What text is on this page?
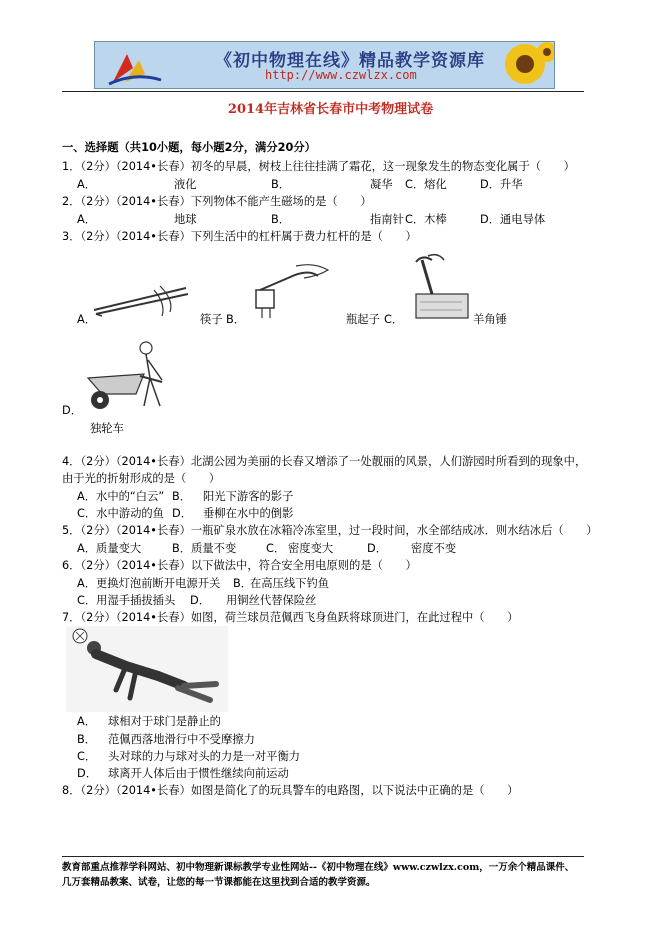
《初中物理在线》精品教学资源库
http://www.czwlzx.com
2014年吉林省长春市中考物理试卷
一、选择题（共10小题，每小题2分，满分20分）
1．（2分）（2014•长春）初冬的早晨，树枝上往往挂满了霜花，这一现象发生的物态变化属于（　　）
A．	液化	B．	凝华 C．熔化	D．升华
2．（2分）（2014•长春）下列物体不能产生磁场的是（　　）
A．	地球	B．	指南针 C．木棒	D．通电导体
3．（2分）（2014•长春）下列生活中的杠杆属于费力杠杆的是（　　）
A．	筷子 B．	瓶起子 C．	羊角锤
D．
独轮车
4．（2分）（2014•长春）北湖公园为美丽的长春又增添了一处靓丽的风景，人们游园时所看到的现象中，
由于光的折射形成的是（　　）
A．水中的“白云” B． 阳光下游客的影子
C．水中游动的鱼 D． 垂柳在水中的倒影
5．（2分）（2014•长春）一瓶矿泉水放在冰箱冷冻室里，过一段时间，水全部结成冰．则水结冰后（　　）
A．质量变大	B．质量不变	C． 密度变大	D． 密度不变
6．（2分）（2014•长春）以下做法中，符合安全用电原则的是（　　）
A．更换灯泡前断开电源开关 B．
在高压线下钓鱼
C．用湿手插拔插头 D． 用铜丝代替保险丝
7．（2分）（2014•长春）如图，荷兰球员范佩西飞身鱼跃将球顶进门，在此过程中（　　）
A． 球相对于球门是静止的
B． 范佩西落地滑行中不受摩擦力
C． 头对球的力与球对头的力是一对平衡力
D． 球离开人体后由于惯性继续向前运动
8．（2分）（2014•长春）如图是简化了的玩具警车的电路图，以下说法中正确的是（　　）
教育部重点推荐学科网站、初中物理新课标教学专业性网站--《初中物理在线》www.czwlzx.com，一万余个精品课件、
几万套精品教案、试卷，让您的每一节课都能在这里找到合适的教学资源。
